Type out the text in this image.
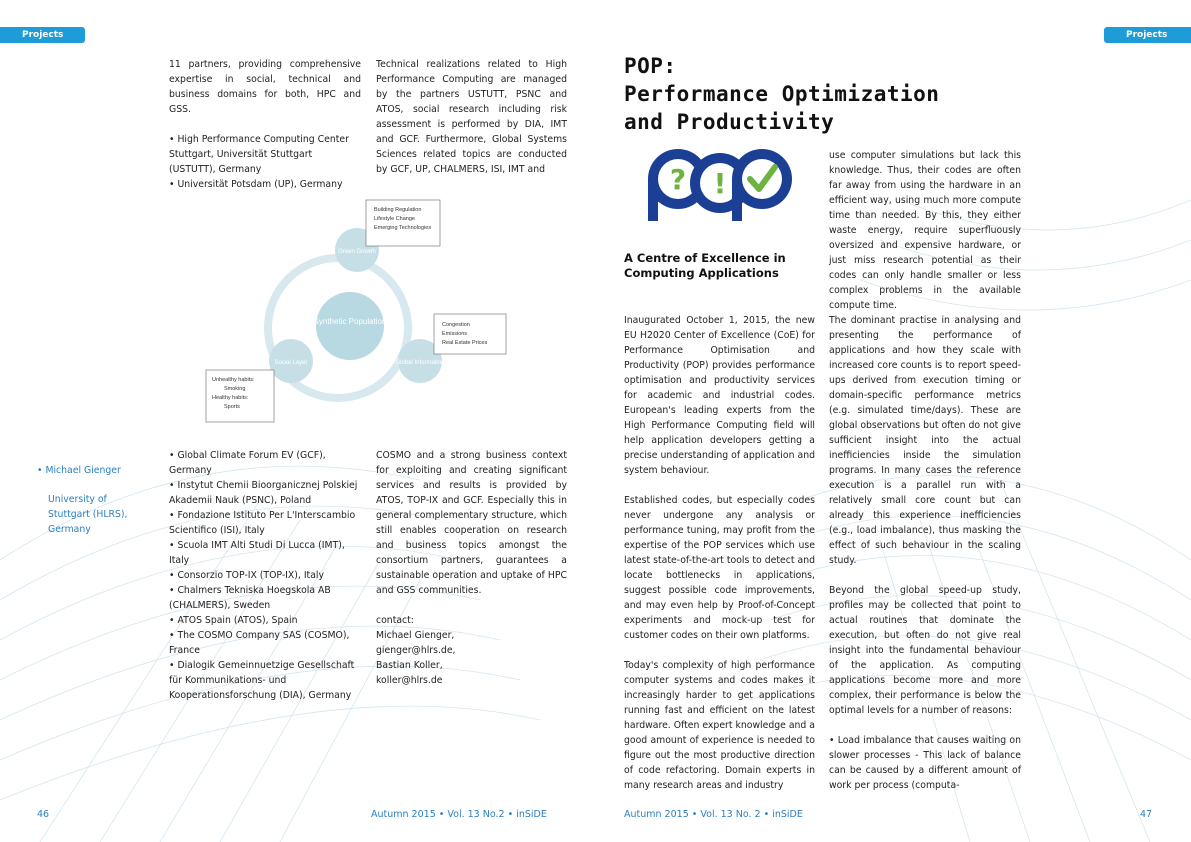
Projects	Projects

11 partners, providing comprehensive expertise in social, technical and business domains for both, HPC and GSS.

• High Performance Computing Center Stuttgart, Universität Stuttgart (USTUTT), Germany

• Universität Potsdam (UP), Germany

Technical realizations related to High Performance Computing are managed by the partners USTUTT, PSNC and ATOS, social research including risk assessment is performed by DIA, IMT and GCF. Furthermore, Global Systems Sciences related topics are conducted by GCF, UP, CHALMERS, ISI, IMT and

Synthetic Population
Green Growth
Social Layer	Global Information
Building Regulation Lifestyle Change Emerging Technologies
Congestion Emissions Real Estate Prices
Unhealthy habits: Smoking Healthy habits: Sports
• Michael Gienger
University of Stuttgart (HLRS), Germany

• Global Climate Forum EV (GCF), Germany

• Instytut Chemii Bioorganicznej Polskiej Akademii Nauk (PSNC), Poland

• Fondazione Istituto Per L'Interscambio Scientifico (ISI), Italy

• Scuola IMT Alti Studi Di Lucca (IMT), Italy

• Consorzio TOP-IX (TOP-IX), Italy

• Chalmers Tekniska Hoegskola AB (CHALMERS), Sweden

• ATOS Spain (ATOS), Spain

• The COSMO Company SAS (COSMO), France

• Dialogik Gemeinnuetzige Gesellschaft für Kommunikations- und Kooperationsforschung (DIA), Germany

COSMO and a strong business context for exploiting and creating significant services and results is provided by ATOS, TOP-IX and GCF. Especially this in general complementary structure, which still enables cooperation on research and business topics amongst the consortium partners, guarantees a sustainable operation and uptake of HPC and GSS communities.

contact:

Michael Gienger,

gienger@hlrs.de,

Bastian Koller,

koller@hlrs.de

POP:
Performance Optimization
and Productivity
? !
A Centre of Excellence in
Computing Applications

use computer simulations but lack this knowledge. Thus, their codes are often far away from using the hardware in an efficient way, using much more compute time than needed. By this, they either waste energy, require superfluously oversized and expensive hardware, or just miss research potential as their codes can only handle smaller or less complex problems in the available compute time.

Inaugurated October 1, 2015, the new EU H2020 Center of Excellence (CoE) for Performance Optimisation and Productivity (POP) provides performance optimisation and productivity services for academic and industrial codes. European's leading experts from the High Performance Computing field will help application developers getting a precise understanding of application and system behaviour.

Established codes, but especially codes never undergone any analysis or performance tuning, may profit from the expertise of the POP services which use latest state-of-the-art tools to detect and locate bottlenecks in applications, suggest possible code improvements, and may even help by Proof-of-Concept experiments and mock-up test for customer codes on their own platforms.

Today's complexity of high performance computer systems and codes makes it increasingly harder to get applications running fast and efficient on the latest hardware. Often expert knowledge and a good amount of experience is needed to figure out the most productive direction of code refactoring. Domain experts in many research areas and industry

The dominant practise in analysing and presenting the performance of applications and how they scale with increased core counts is to report speed-ups derived from execution timing or domain-specific performance metrics (e.g. simulated time/days). These are global observations but often do not give sufficient insight into the actual inefficiencies inside the simulation programs. In many cases the reference execution is a parallel run with a relatively small core count but can already this experience inefficiencies (e.g., load imbalance), thus masking the effect of such behaviour in the scaling study.

Beyond the global speed-up study, profiles may be collected that point to actual routines that dominate the execution, but often do not give real insight into the fundamental behaviour of the application. As computing applications become more and more complex, their performance is below the optimal levels for a number of reasons:

• Load imbalance that causes waiting on slower processes - This lack of balance can be caused by a different amount of work per process (computa-

46	Autumn 2015 • Vol. 13 No.2 • inSiDE	Autumn 2015 • Vol. 13 No. 2 • inSiDE	47
